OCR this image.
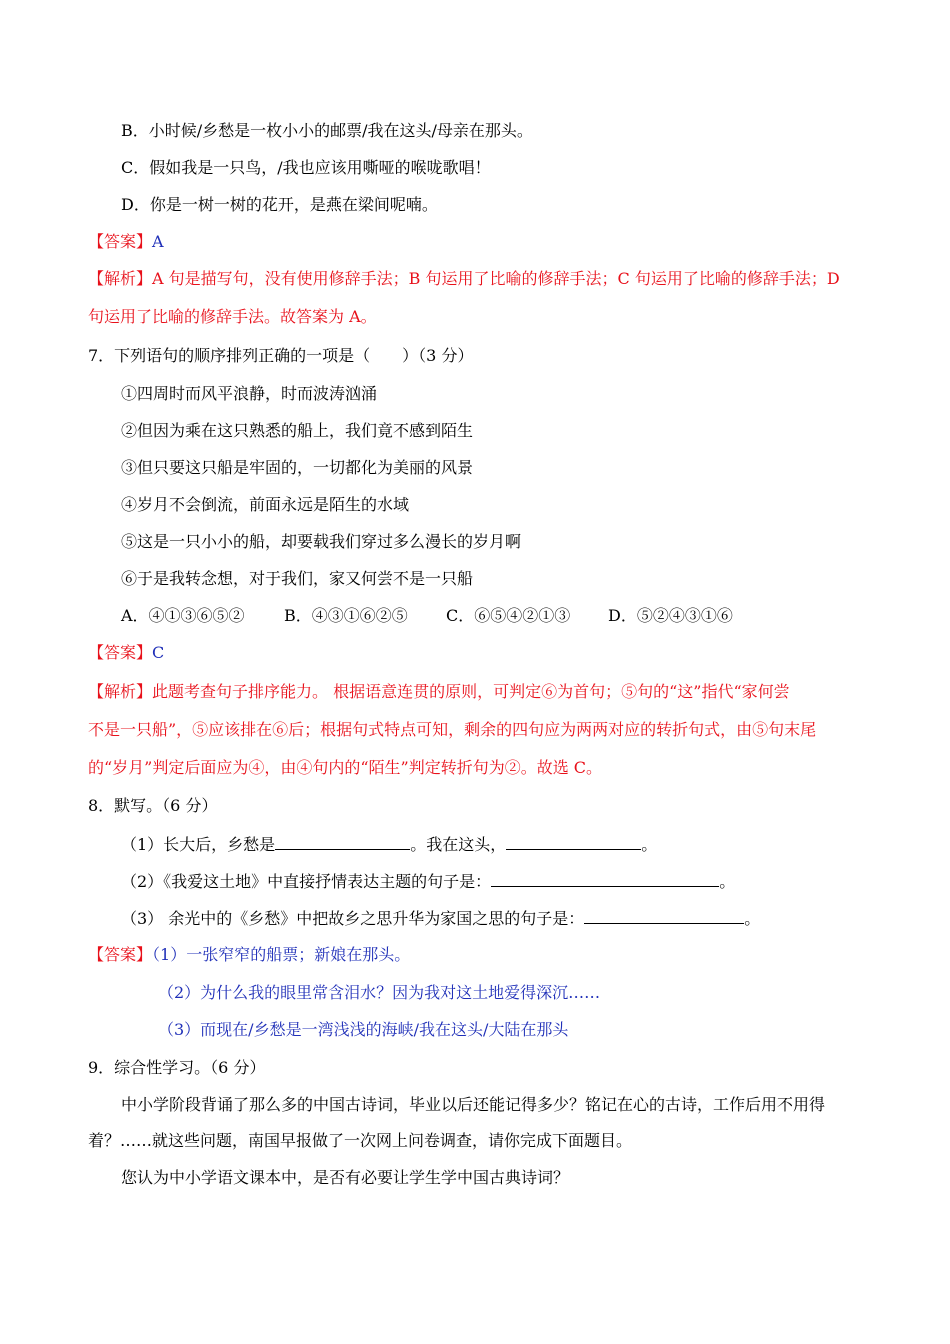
B．小时候/乡愁是一枚小小的邮票/我在这头/母亲在那头。
C．假如我是一只鸟，/我也应该用嘶哑的喉咙歌唱！
D．你是一树一树的花开，是燕在梁间呢喃。
【答案】A
【解析】A 句是描写句，没有使用修辞手法；B 句运用了比喻的修辞手法；C 句运用了比喻的修辞手法；D
句运用了比喻的修辞手法。故答案为 A。
7．下列语句的顺序排列正确的一项是（　　）（3 分）
①四周时而风平浪静，时而波涛汹涌
②但因为乘在这只熟悉的船上，我们竟不感到陌生
③但只要这只船是牢固的，一切都化为美丽的风景
④岁月不会倒流，前面永远是陌生的水域
⑤这是一只小小的船，却要载我们穿过多么漫长的岁月啊
⑥于是我转念想，对于我们，家又何尝不是一只船
A．④①③⑥⑤② B．④③①⑥②⑤ C．⑥⑤④②①③ D．⑤②④③①⑥
【答案】C
【解析】此题考查句子排序能力。 根据语意连贯的原则，可判定⑥为首句；⑤句的“这”指代“家何尝
不是一只船”，⑤应该排在⑥后；根据句式特点可知，剩余的四句应为两两对应的转折句式，由⑤句末尾
的“岁月”判定后面应为④，由④句内的“陌生”判定转折句为②。故选 C。
8．默写。（6 分）
（1）长大后，乡愁是	。我在这头，	。
（2）《我爱这土地》中直接抒情表达主题的句子是：	。
（3） 余光中的《乡愁》中把故乡之思升华为家国之思的句子是：	。
【答案】（1）一张窄窄的船票；新娘在那头。
（2）为什么我的眼里常含泪水？因为我对这土地爱得深沉……
（3）而现在/乡愁是一湾浅浅的海峡/我在这头/大陆在那头
9．综合性学习。（6 分）
中小学阶段背诵了那么多的中国古诗词，毕业以后还能记得多少？铭记在心的古诗，工作后用不用得
着？……就这些问题，南国早报做了一次网上问卷调查，请你完成下面题目。
您认为中小学语文课本中，是否有必要让学生学中国古典诗词？
